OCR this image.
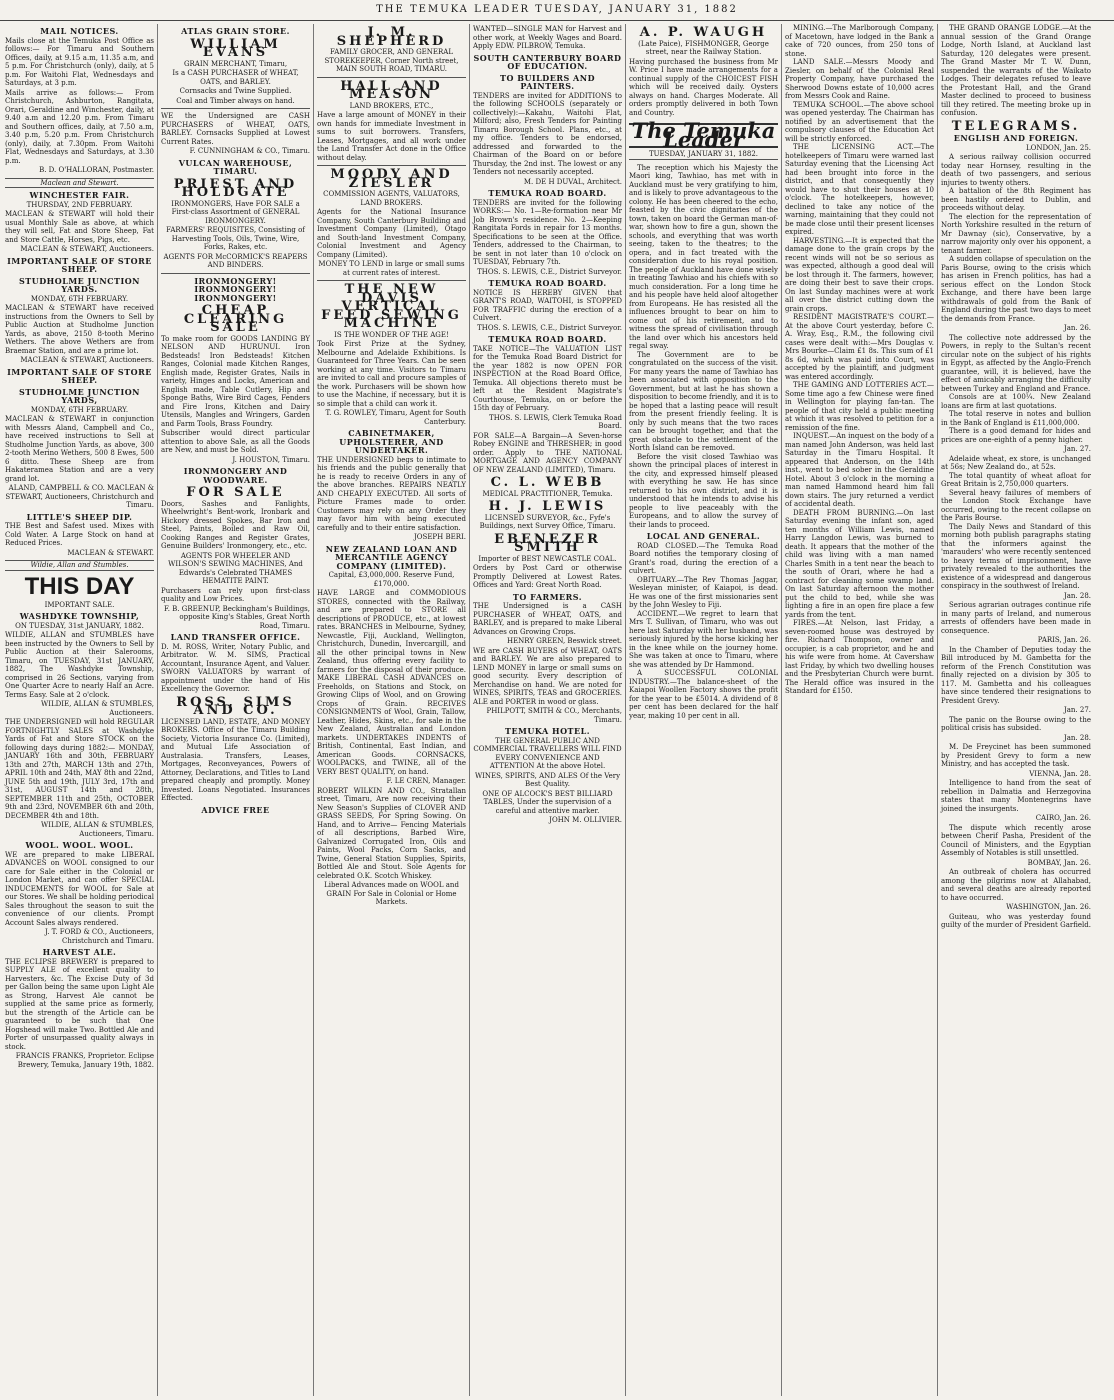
THE TEMUKA LEADER TUESDAY, JANUARY 31, 1882
MAIL NOTICES.
Mails close at the Temuka Post Office as follows:— For Timaru and Southern Offices, daily, at 9.15 a.m, 11.35 a.m, and 5 p.m. For Christchurch (only), daily, at 5 p.m. For Waitohi Flat, Wednesdays and Saturdays, at 3 p.m.
Mails arrive as follows:— From Christchurch, Ashburton, Rangitata, Orari, Geraldine and Winchester, daily, at 9.40 a.m and 12.20 p.m. From Timaru and Southern offices, daily, at 7.50 a.m, 3.40 p.m, 5.20 p.m. From Christchurch (only), daily, at 7.30pm. From Waitohi Flat, Wednesdays and Saturdays, at 3.30 p.m.
B. D. O'HALLORAN, Postmaster.
Maclean and Stewart.
WINCHESTER FAIR.
THURSDAY, 2ND FEBRUARY.
MACLEAN & STEWART will hold their usual Monthly Sale as above, at which they will sell, Fat and Store Sheep, Fat and Store Cattle, Horses, Pigs, etc.
MACLEAN & STEWART, Auctioneers.
IMPORTANT SALE OF STORE SHEEP.
STUDHOLME JUNCTION YARDS.
MONDAY, 6TH FEBRUARY.
MACLEAN & STEWART have received instructions from the Owners to Sell by Public Auction at Studholme Junction Yards, as above, 2150 8-tooth Merino Wethers. The above Wethers are from Braemar Station, and are a prime lot.
MACLEAN & STEWART, Auctioneers.
IMPORTANT SALE OF STORE SHEEP.
STUDHOLME JUNCTION YARDS,
MONDAY, 6TH FEBRUARY.
MACLEAN & STEWART in conjunction with Messrs Aland, Campbell and Co., have received instructions to Sell at Studholme Junction Yards, as above, 300 2-tooth Merino Wethers, 500 8 Ewes, 500 6 ditto. These Sheep are from Hakateramea Station and are a very grand lot.
ALAND, CAMPBELL & CO. MACLEAN & STEWART, Auctioneers, Christchurch and Timaru.
LITTLE'S SHEEP DIP.
THE Best and Safest used. Mixes with Cold Water. A Large Stock on hand at Reduced Prices.
MACLEAN & STEWART.
Wildie, Allan and Stumbles.
THIS DAY
IMPORTANT SALE.
WASHDYKE TOWNSHIP,
ON TUESDAY, 31st JANUARY, 1882.
WILDIE, ALLAN and STUMBLES have been instructed by the Owners to Sell by Public Auction at their Salerooms, Timaru, on TUESDAY, 31st JANUARY, 1882, The Washdyke Township, comprised in 26 Sections, varying from One Quarter Acre to nearly Half an Acre. Terms Easy. Sale at 2 o'clock.
WILDIE, ALLAN & STUMBLES, Auctioneers.
THE UNDERSIGNED will hold REGULAR FORTNIGHTLY SALES at Washdyke Yards of Fat and Store STOCK on the following days during 1882:— MONDAY, JANUARY 16th and 30th, FEBRUARY 13th and 27th, MARCH 13th and 27th, APRIL 10th and 24th, MAY 8th and 22nd, JUNE 5th and 19th, JULY 3rd, 17th and 31st, AUGUST 14th and 28th, SEPTEMBER 11th and 25th, OCTOBER 9th and 23rd, NOVEMBER 6th and 20th, DECEMBER 4th and 18th.
WILDIE, ALLAN & STUMBLES, Auctioneers, Timaru.
WOOL. WOOL. WOOL.
WE are prepared to make LIBERAL ADVANCES on WOOL consigned to our care for Sale either in the Colonial or London Market, and can offer SPECIAL INDUCEMENTS for WOOL for Sale at our Stores. We shall be holding periodical Sales throughout the season to suit the convenience of our clients. Prompt Account Sales always rendered.
J. T. FORD & CO., Auctioneers, Christchurch and Timaru.
HARVEST ALE.
THE ECLIPSE BREWERY is prepared to SUPPLY ALE of excellent quality to Harvesters, &c. The Excise Duty of 3d per Gallon being the same upon Light Ale as Strong, Harvest Ale cannot be supplied at the same price as formerly, but the strength of the Article can be guaranteed to be such that One Hogshead will make Two. Bottled Ale and Porter of unsurpassed quality always in stock.
FRANCIS FRANKS, Proprietor. Eclipse Brewery, Temuka, January 19th, 1882.
ATLAS GRAIN STORE.
WILLIAM EVANS
GRAIN MERCHANT, Timaru,
Is a CASH PURCHASER of WHEAT, OATS, and BARLEY.
Cornsacks and Twine Supplied.
Coal and Timber always on hand.
WE the Undersigned are CASH PURCHASERS of WHEAT, OATS, BARLEY. Cornsacks Supplied at Lowest Current Rates.
F. CUNNINGHAM & CO., Timaru.
VULCAN WAREHOUSE, TIMARU.
PRIEST AND HOLDGATE
IRONMONGERS, Have FOR SALE a First-class Assortment of GENERAL IRONMONGERY.
FARMERS' REQUISITES, Consisting of Harvesting Tools, Oils, Twine, Wire, Forks, Rakes, etc.
AGENTS FOR McCORMICK'S REAPERS AND BINDERS.
IRONMONGERY! IRONMONGERY! IRONMONGERY!
CHEAP CLEARING SALE
To make room for GOODS LANDING BY NELSON AND HURUNUI. Iron Bedsteads! Iron Bedsteads! Kitchen Ranges, Colonial made Kitchen Ranges, English made, Register Grates, Nails in variety, Hinges and Locks, American and English made, Table Cutlery, Hip and Sponge Baths, Wire Bird Cages, Fenders and Fire Irons, Kitchen and Dairy Utensils, Mangles and Wringers, Garden and Farm Tools, Brass Foundry.
Subscriber would direct particular attention to above Sale, as all the Goods are New, and must be Sold.
J. HOUSTON, Timaru.
IRONMONGERY AND WOODWARE.
FOR SALE
Doors, Sashes and Fanlights, Wheelwright's Bent-work, Ironbark and Hickory dressed Spokes, Bar Iron and Steel, Paints, Boiled and Raw Oil, Cooking Ranges and Register Grates, Genuine Builders' Ironmongery, etc., etc.
AGENTS FOR WHEELER AND WILSON'S SEWING MACHINES, And Edwards's Celebrated THAMES HEMATITE PAINT.
Purchasers can rely upon first-class quality and Low Prices.
F. B. GREENUP, Beckingham's Buildings, opposite King's Stables, Great North Road, Timaru.
LAND TRANSFER OFFICE.
D. M. ROSS, Writer, Notary Public, and Arbitrator. W. M. SIMS, Practical Accountant, Insurance Agent, and Valuer. SWORN VALUATORS by warrant of appointment under the hand of His Excellency the Governor.
ROSS, SIMS AND CO.
LICENSED LAND, ESTATE, AND MONEY BROKERS. Office of the Timaru Building Society, Victoria Insurance Co. (Limited), and Mutual Life Association of Australasia. Transfers, Leases, Mortgages, Reconveyances, Powers of Attorney, Declarations, and Titles to Land prepared cheaply and promptly. Money Invested. Loans Negotiated. Insurances Effected.
ADVICE FREE
J. M. SHEPHERD
FAMILY GROCER, AND GENERAL STOREKEEPER, Corner North street, MAIN SOUTH ROAD, TIMARU.
HALL AND MEASON
LAND BROKERS, ETC.,
Have a large amount of MONEY in their own hands for immediate Investment in sums to suit borrowers. Transfers, Leases, Mortgages, and all work under the Land Transfer Act done in the Office without delay.
MOODY AND ZIESLER
COMMISSION AGENTS, VALUATORS, LAND BROKERS.
Agents for the National Insurance Company, South Canterbury Building and Investment Company (Limited), Otago and South-land Investment Company, Colonial Investment and Agency Company (Limited).
MONEY TO LEND in large or small sums at current rates of interest.
THE NEW DAVIS VERTICAL FEED SEWING MACHINE
IS THE WONDER OF THE AGE!
Took First Prize at the Sydney, Melbourne and Adelaide Exhibitions. Is Guaranteed for Three Years. Can be seen working at any time. Visitors to Timaru are invited to call and procure samples of the work. Purchasers will be shown how to use the Machine, if necessary, but it is so simple that a child can work it.
T. G. ROWLEY, Timaru, Agent for South Canterbury.
CABINETMAKER, UPHOLSTERER, AND UNDERTAKER.
THE UNDERSIGNED begs to intimate to his friends and the public generally that he is ready to receive Orders in any of the above branches. REPAIRS NEATLY AND CHEAPLY EXECUTED. All sorts of Picture Frames made to order. Customers may rely on any Order they may favor him with being executed carefully and to their entire satisfaction.
JOSEPH BERI.
NEW ZEALAND LOAN AND MERCANTILE AGENCY COMPANY (LIMITED).
Capital, £3,000,000. Reserve Fund, £170,000.
HAVE LARGE and COMMODIOUS STORES, connected with the Railway, and are prepared to STORE all descriptions of PRODUCE, etc., at lowest rates. BRANCHES in Melbourne, Sydney, Newcastle, Fiji, Auckland, Wellington, Christchurch, Dunedin, Invercargill, and all the other principal towns in New Zealand, thus offering every facility to farmers for the disposal of their produce. MAKE LIBERAL CASH ADVANCES on Freeholds, on Stations and Stock, on Growing Clips of Wool, and on Growing Crops of Grain. RECEIVES CONSIGNMENTS of Wool, Grain, Tallow, Leather, Hides, Skins, etc., for sale in the New Zealand, Australian and London markets. UNDERTAKES INDENTS of British, Continental, East Indian, and American Goods. CORNSACKS, WOOLPACKS, and TWINE, all of the VERY BEST QUALITY, on hand.
F. LE CREN, Manager.
ROBERT WILKIN AND CO., Stratallan street, Timaru, Are now receiving their New Season's Supplies of CLOVER AND GRASS SEEDS, For Spring Sowing. On Hand, and to Arrive— Fencing Materials of all descriptions, Barbed Wire, Galvanized Corrugated Iron, Oils and Paints, Wool Packs, Corn Sacks, and Twine, General Station Supplies, Spirits, Bottled Ale and Stout. Sole Agents for celebrated O.K. Scotch Whiskey.
Liberal Advances made on WOOL and GRAIN For Sale in Colonial or Home Markets.
WANTED—SINGLE MAN for Harvest and other work, at Weekly Wages and Board. Apply EDW. PILBROW, Temuka.
SOUTH CANTERBURY BOARD OF EDUCATION.
TO BUILDERS AND PAINTERS.
TENDERS are invited for ADDITIONS to the following SCHOOLS (separately or collectively):—Kakahu, Waitohi Flat, Milford; also, Fresh Tenders for Painting Timaru Borough School. Plans, etc., at my office. Tenders to be endorsed, addressed and forwarded to the Chairman of the Board on or before Thursday, the 2nd inst. The lowest or any Tenders not necessarily accepted.
M. DE H DUVAL, Architect.
TEMUKA ROAD BOARD.
TENDERS are invited for the following WORKS:— No. 1—Re-formation near Mr Job Brown's residence. No. 2—Keeping Rangitata Fords in repair for 13 months. Specifications to be seen at the Office. Tenders, addressed to the Chairman, to be sent in not later than 10 o'clock on TUESDAY, February 7th.
THOS. S. LEWIS, C.E., District Surveyor.
TEMUKA ROAD BOARD.
NOTICE IS HEREBY GIVEN that GRANT'S ROAD, WAITOHI, is STOPPED FOR TRAFFIC during the erection of a Culvert.
THOS. S. LEWIS, C.E., District Surveyor.
TEMUKA ROAD BOARD.
TAKE NOTICE—The VALUATION LIST for the Temuka Road Board District for the year 1882 is now OPEN FOR INSPECTION at the Road Board Office, Temuka. All objections thereto must be left at the Resident Magistrate's Courthouse, Temuka, on or before the 15th day of February.
THOS. S. LEWIS, Clerk Temuka Road Board.
FOR SALE—A Bargain—A Seven-horse Robey ENGINE and THRESHER; in good order. Apply to THE NATIONAL MORTGAGE AND AGENCY COMPANY OF NEW ZEALAND (LIMITED), Timaru.
C. L. WEBB
MEDICAL PRACTITIONER, Temuka.
H. J. LEWIS
LICENSED SURVEYOR, &c., Fyfe's Buildings, next Survey Office, Timaru.
EBENEZER SMITH
Importer of BEST NEWCASTLE COAL.
Orders by Post Card or otherwise Promptly Delivered at Lowest Rates. Offices and Yard: Great North Road.
TO FARMERS.
THE Undersigned is a CASH PURCHASER of WHEAT, OATS, and BARLEY, and is prepared to make Liberal Advances on Growing Crops.
HENRY GREEN, Beswick street.
WE are CASH BUYERS of WHEAT, OATS and BARLEY. We are also prepared to LEND MONEY in large or small sums on good security. Every description of Merchandise on hand. We are noted for WINES, SPIRITS, TEAS and GROCERIES. ALE and PORTER in wood or glass.
PHILPOTT, SMITH & CO., Merchants, Timaru.
TEMUKA HOTEL.
THE GENERAL PUBLIC AND COMMERCIAL TRAVELLERS WILL FIND EVERY CONVENIENCE AND ATTENTION At the above Hotel.
WINES, SPIRITS, AND ALES Of the Very Best Quality.
ONE OF ALCOCK'S BEST BILLIARD TABLES, Under the supervision of a careful and attentive marker.
JOHN M. OLLIVIER.
A. P. WAUGH
(Late Paice), FISHMONGER, George street, near the Railway Station.
Having purchased the business from Mr W. Price I have made arrangements for a continual supply of the CHOICEST FISH which will be received daily. Oysters always on hand. Charges Moderate. All orders promptly delivered in both Town and Country.
The Temuka Leader
TUESDAY, JANUARY 31, 1882.
The reception which his Majesty the Maori king, Tawhiao, has met with in Auckland must be very gratifying to him, and is likely to prove advantageous to the colony. He has been cheered to the echo, feasted by the civic dignitaries of the town, taken on board the German man-of-war, shown how to fire a gun, shown the schools, and everything that was worth seeing, taken to the theatres; to the opera, and in fact treated with the consideration due to his royal position. The people of Auckland have done wisely in treating Tawhiao and his chiefs with so much consideration. For a long time he and his people have held aloof altogether from Europeans. He has resisted all the influences brought to bear on him to come out of his retirement, and to witness the spread of civilisation through the land over which his ancestors held regal sway.
The Government are to be congratulated on the success of the visit. For many years the name of Tawhiao has been associated with opposition to the Government, but at last he has shown a disposition to become friendly, and it is to be hoped that a lasting peace will result from the present friendly feeling. It is only by such means that the two races can be brought together, and that the great obstacle to the settlement of the North Island can be removed.
Before the visit closed Tawhiao was shown the principal places of interest in the city, and expressed himself pleased with everything he saw. He has since returned to his own district, and it is understood that he intends to advise his people to live peaceably with the Europeans, and to allow the survey of their lands to proceed.
LOCAL AND GENERAL.
ROAD CLOSED.—The Temuka Road Board notifies the temporary closing of Grant's road, during the erection of a culvert.
OBITUARY.—The Rev Thomas Jaggar, Wesleyan minister, of Kaiapoi, is dead. He was one of the first missionaries sent by the John Wesley to Fiji.
ACCIDENT.—We regret to learn that Mrs T. Sullivan, of Timaru, who was out here last Saturday with her husband, was seriously injured by the horse kicking her in the knee while on the journey home. She was taken at once to Timaru, where she was attended by Dr Hammond.
A SUCCESSFUL COLONIAL INDUSTRY.—The balance-sheet of the Kaiapoi Woollen Factory shows the profit for the year to be £5014. A dividend of 8 per cent has been declared for the half year, making 10 per cent in all.
MINING.—The Marlborough Company, of Macetown, have lodged in the Bank a cake of 720 ounces, from 250 tons of stone.
LAND SALE.—Messrs Moody and Ziesler, on behalf of the Colonial Real Property Company, have purchased the Sherwood Downs estate of 10,000 acres from Messrs Cook and Raine.
TEMUKA SCHOOL.—The above school was opened yesterday. The Chairman has notified by an advertisement that the compulsory clauses of the Education Act will be strictly enforced.
THE LICENSING ACT.—The hotelkeepers of Timaru were warned last Saturday evening that the Licensing Act had been brought into force in the district, and that consequently they would have to shut their houses at 10 o'clock. The hotelkeepers, however, declined to take any notice of the warning, maintaining that they could not be made close until their present licenses expired.
HARVESTING.—It is expected that the damage done to the grain crops by the recent winds will not be so serious as was expected, although a good deal will be lost through it. The farmers, however, are doing their best to save their crops. On last Sunday machines were at work all over the district cutting down the grain crops.
RESIDENT MAGISTRATE'S COURT.—At the above Court yesterday, before C. A. Wray, Esq., R.M., the following civil cases were dealt with:—Mrs Douglas v. Mrs Bourke—Claim £1 8s. This sum of £1 8s 6d, which was paid into Court, was accepted by the plaintiff, and judgment was entered accordingly.
THE GAMING AND LOTTERIES ACT.—Some time ago a few Chinese were fined in Wellington for playing fan-tan. The people of that city held a public meeting at which it was resolved to petition for a remission of the fine.
INQUEST.—An inquest on the body of a man named John Anderson, was held last Saturday in the Timaru Hospital. It appeared that Anderson, on the 14th inst., went to bed sober in the Geraldine Hotel. About 3 o'clock in the morning a man named Hammond heard him fall down stairs. The jury returned a verdict of accidental death.
DEATH FROM BURNING.—On last Saturday evening the infant son, aged ten months of William Lewis, named Harry Langdon Lewis, was burned to death. It appears that the mother of the child was living with a man named Charles Smith in a tent near the beach to the south of Orari, where he had a contract for cleaning some swamp land. On last Saturday afternoon the mother put the child to bed, while she was lighting a fire in an open fire place a few yards from the tent.
FIRES.—At Nelson, last Friday, a seven-roomed house was destroyed by fire. Richard Thompson, owner and occupier, is a cab proprietor, and he and his wife were from home. At Cavershaw last Friday, by which two dwelling houses and the Presbyterian Church were burnt. The Herald office was insured in the Standard for £150.
THE GRAND ORANGE LODGE.—At the annual session of the Grand Orange Lodge, North Island, at Auckland last Saturday, 120 delegates were present. The Grand Master Mr T. W. Dunn, suspended the warrants of the Waikato Lodges. Their delegates refused to leave the Protestant Hall, and the Grand Master declined to proceed to business till they retired. The meeting broke up in confusion.
TELEGRAMS.
ENGLISH AND FOREIGN.
LONDON, Jan. 25.
A serious railway collision occurred today near Hornsey, resulting in the death of two passengers, and serious injuries to twenty others.
A battalion of the 8th Regiment has been hastily ordered to Dublin, and proceeds without delay.
The election for the representation of North Yorkshire resulted in the return of Mr Dawnay (sic), Conservative, by a narrow majority only over his opponent, a tenant farmer.
A sudden collapse of speculation on the Paris Bourse, owing to the crisis which has arisen in French politics, has had a serious effect on the London Stock Exchange, and there have been large withdrawals of gold from the Bank of England during the past two days to meet the demands from France.
Jan. 26.
The collective note addressed by the Powers, in reply to the Sultan's recent circular note on the subject of his rights in Egypt, as affected by the Anglo-French guarantee, will, it is believed, have the effect of amicably arranging the difficulty between Turkey and England and France.
Consols are at 100¼. New Zealand loans are firm at last quotations.
The total reserve in notes and bullion in the Bank of England is £11,000,000.
There is a good demand for hides and prices are one-eighth of a penny higher.
Jan. 27.
Adelaide wheat, ex store, is unchanged at 56s; New Zealand do., at 52s.
The total quantity of wheat afloat for Great Britain is 2,750,000 quarters.
Several heavy failures of members of the London Stock Exchange have occurred, owing to the recent collapse on the Paris Bourse.
The Daily News and Standard of this morning both publish paragraphs stating that the informers against the 'marauders' who were recently sentenced to heavy terms of imprisonment, have privately revealed to the authorities the existence of a widespread and dangerous conspiracy in the southwest of Ireland.
Jan. 28.
Serious agrarian outrages continue rife in many parts of Ireland, and numerous arrests of offenders have been made in consequence.
PARIS, Jan. 26.
In the Chamber of Deputies today the Bill introduced by M. Gambetta for the reform of the French Constitution was finally rejected on a division by 305 to 117. M. Gambetta and his colleagues have since tendered their resignations to President Grevy.
Jan. 27.
The panic on the Bourse owing to the political crisis has subsided.
Jan. 28.
M. De Freycinet has been summoned by President Grevy to form a new Ministry, and has accepted the task.
VIENNA, Jan. 28.
Intelligence to hand from the seat of rebellion in Dalmatia and Herzegovina states that many Montenegrins have joined the insurgents.
CAIRO, Jan. 26.
The dispute which recently arose between Cherif Pasha, President of the Council of Ministers, and the Egyptian Assembly of Notables is still unsettled.
BOMBAY, Jan. 26.
An outbreak of cholera has occurred among the pilgrims now at Allahabad, and several deaths are already reported to have occurred.
WASHINGTON, Jan. 26.
Guiteau, who was yesterday found guilty of the murder of President Garfield.
